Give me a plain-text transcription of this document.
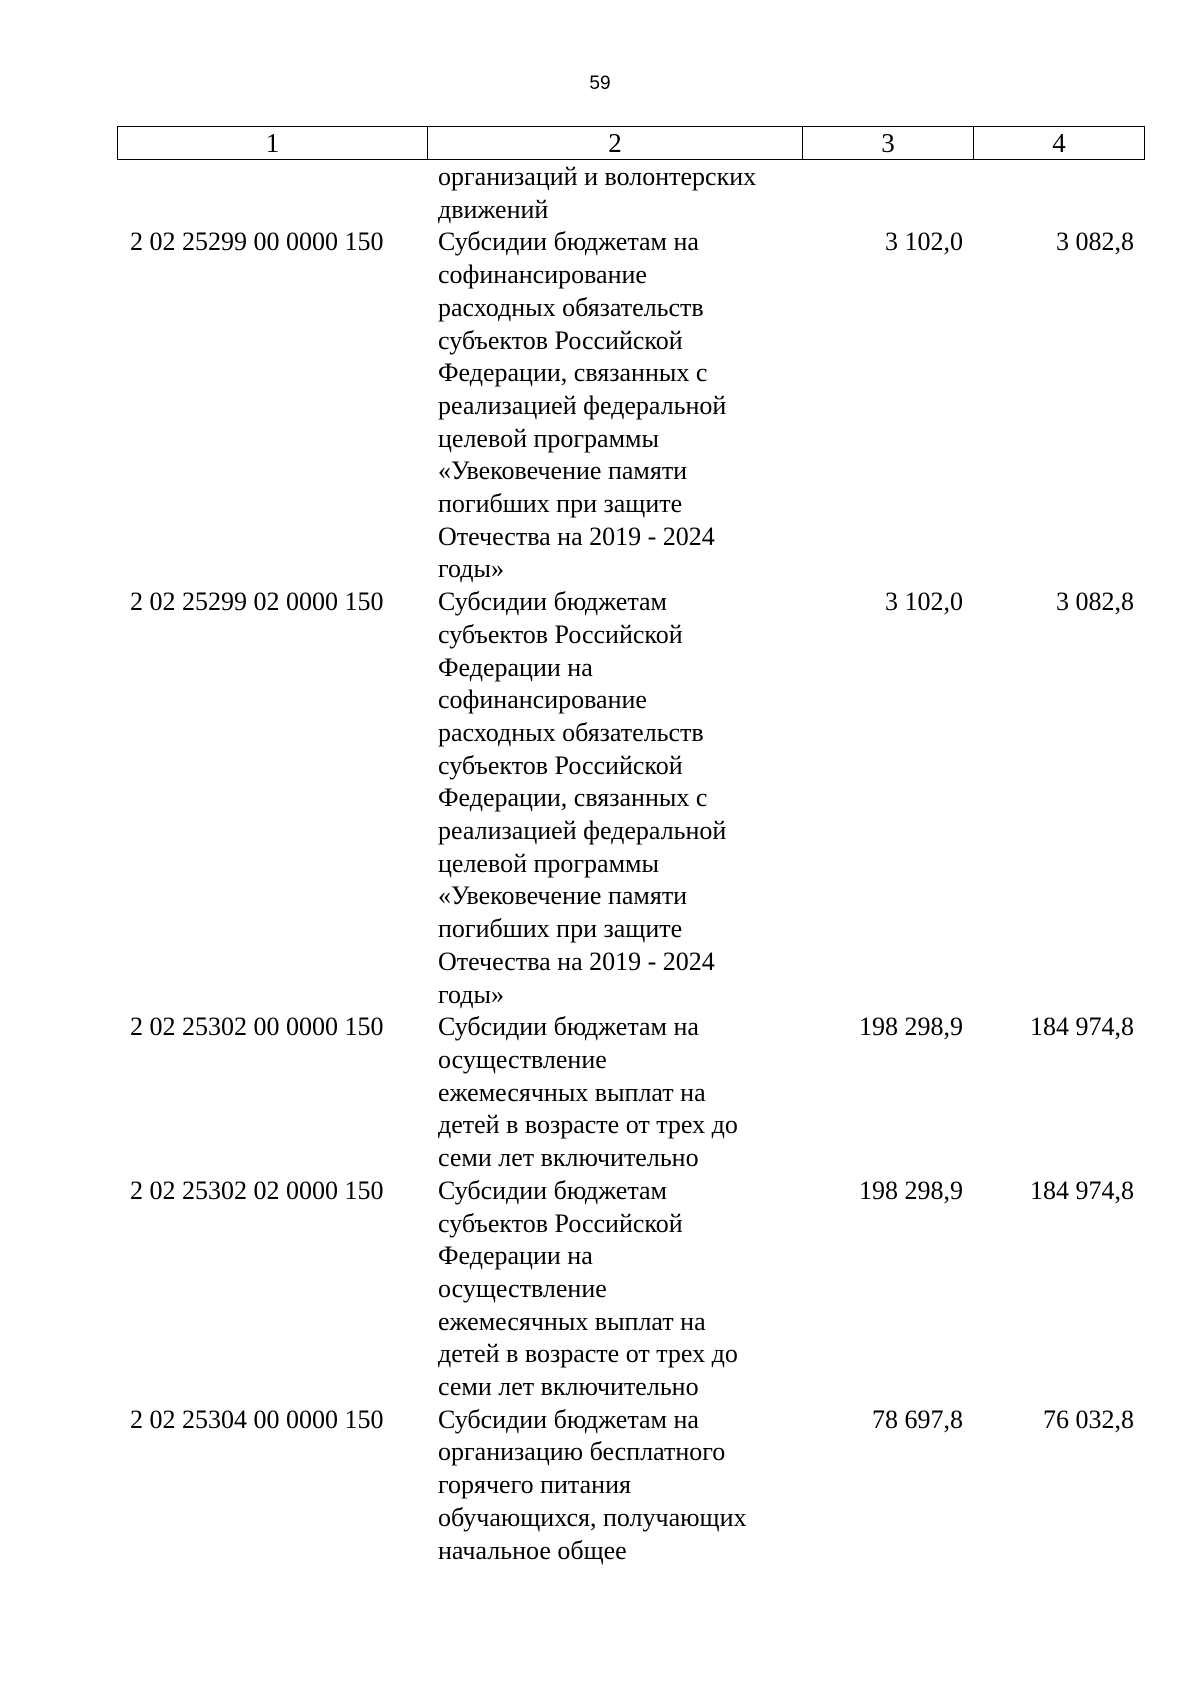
59
1	2	3	4
организаций и волонтерских
движений
2 02 25299 00 0000 150	Субсидии бюджетам на
софинансирование
расходных обязательств
субъектов Российской
Федерации, связанных с
реализацией федеральной
целевой программы
«Увековечение памяти
погибших при защите
Отечества на 2019 - 2024
годы»
3 102,0	3 082,8
2 02 25299 02 0000 150	Субсидии бюджетам
субъектов Российской
Федерации на
софинансирование
расходных обязательств
субъектов Российской
Федерации, связанных с
реализацией федеральной
целевой программы
«Увековечение памяти
погибших при защите
Отечества на 2019 - 2024
годы»
3 102,0	3 082,8
2 02 25302 00 0000 150	Субсидии бюджетам на
осуществление
ежемесячных выплат на
детей в возрасте от трех до
семи лет включительно
198 298,9	184 974,8
2 02 25302 02 0000 150	Субсидии бюджетам
субъектов Российской
Федерации на
осуществление
ежемесячных выплат на
детей в возрасте от трех до
семи лет включительно
198 298,9	184 974,8
2 02 25304 00 0000 150	Субсидии бюджетам на
организацию бесплатного
горячего питания
обучающихся, получающих
начальное общее
78 697,8	76 032,8
